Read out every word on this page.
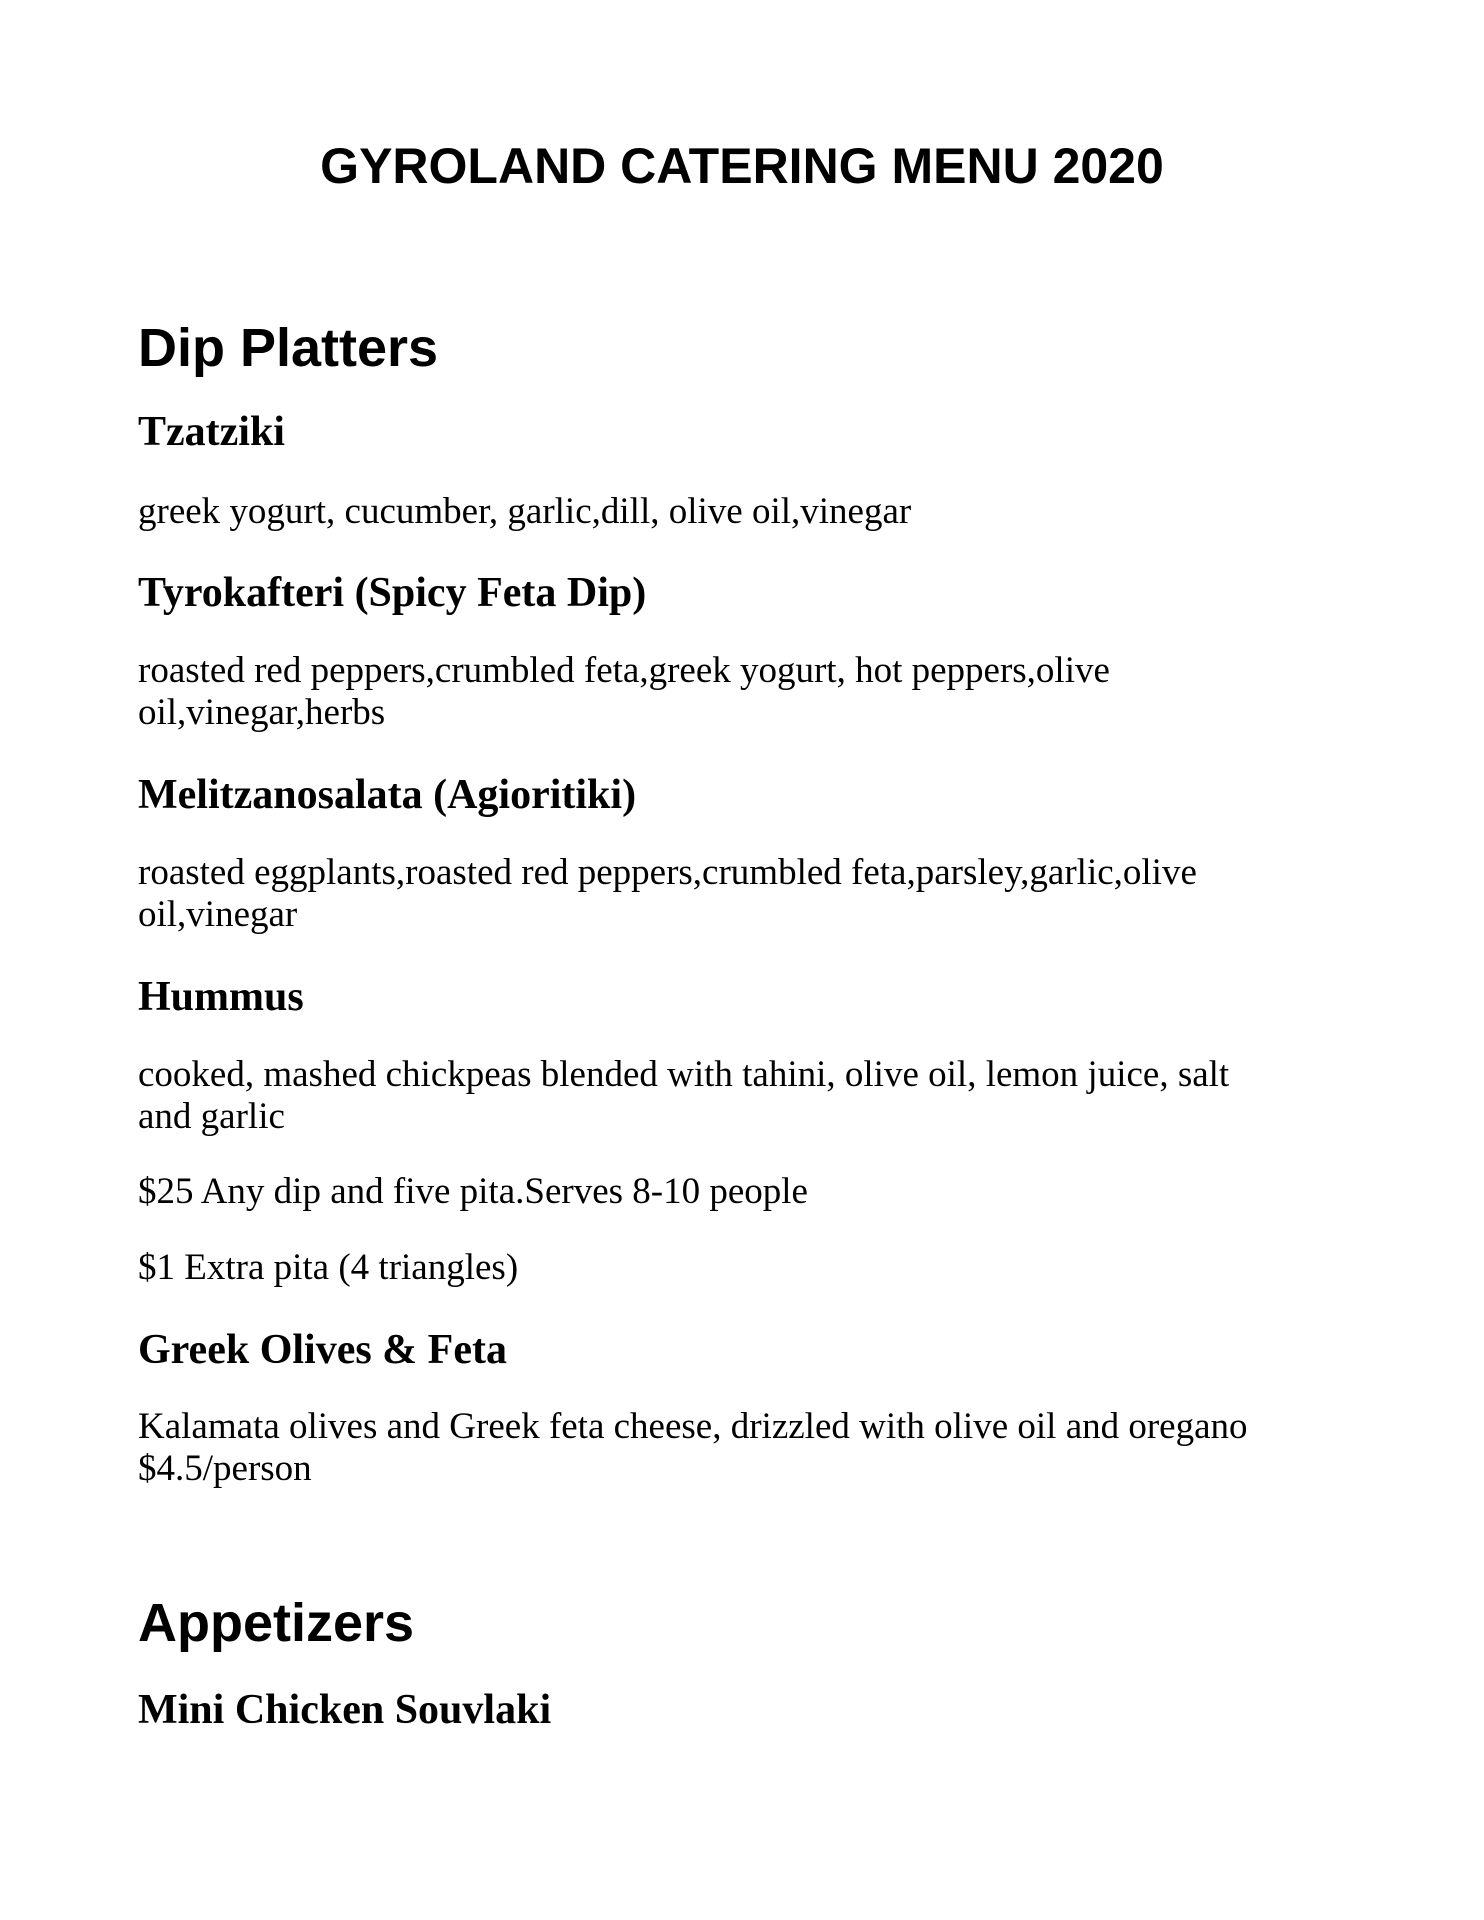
GYROLAND CATERING MENU 2020
Dip Platters
Tzatziki

greek yogurt, cucumber, garlic,dill, olive oil,vinegar

Tyrokafteri (Spicy Feta Dip)

roasted red peppers,crumbled feta,greek yogurt, hot peppers,olive
oil,vinegar,herbs

Melitzanosalata (Agioritiki)

roasted eggplants,roasted red peppers,crumbled feta,parsley,garlic,olive
oil,vinegar

Hummus

cooked, mashed chickpeas blended with tahini, olive oil, lemon juice, salt
and garlic

$25 Any dip and five pita.Serves 8-10 people

$1 Extra pita (4 triangles)

Greek Olives & Feta

Kalamata olives and Greek feta cheese, drizzled with olive oil and oregano
$4.5/person

Appetizers
Mini Chicken Souvlaki
